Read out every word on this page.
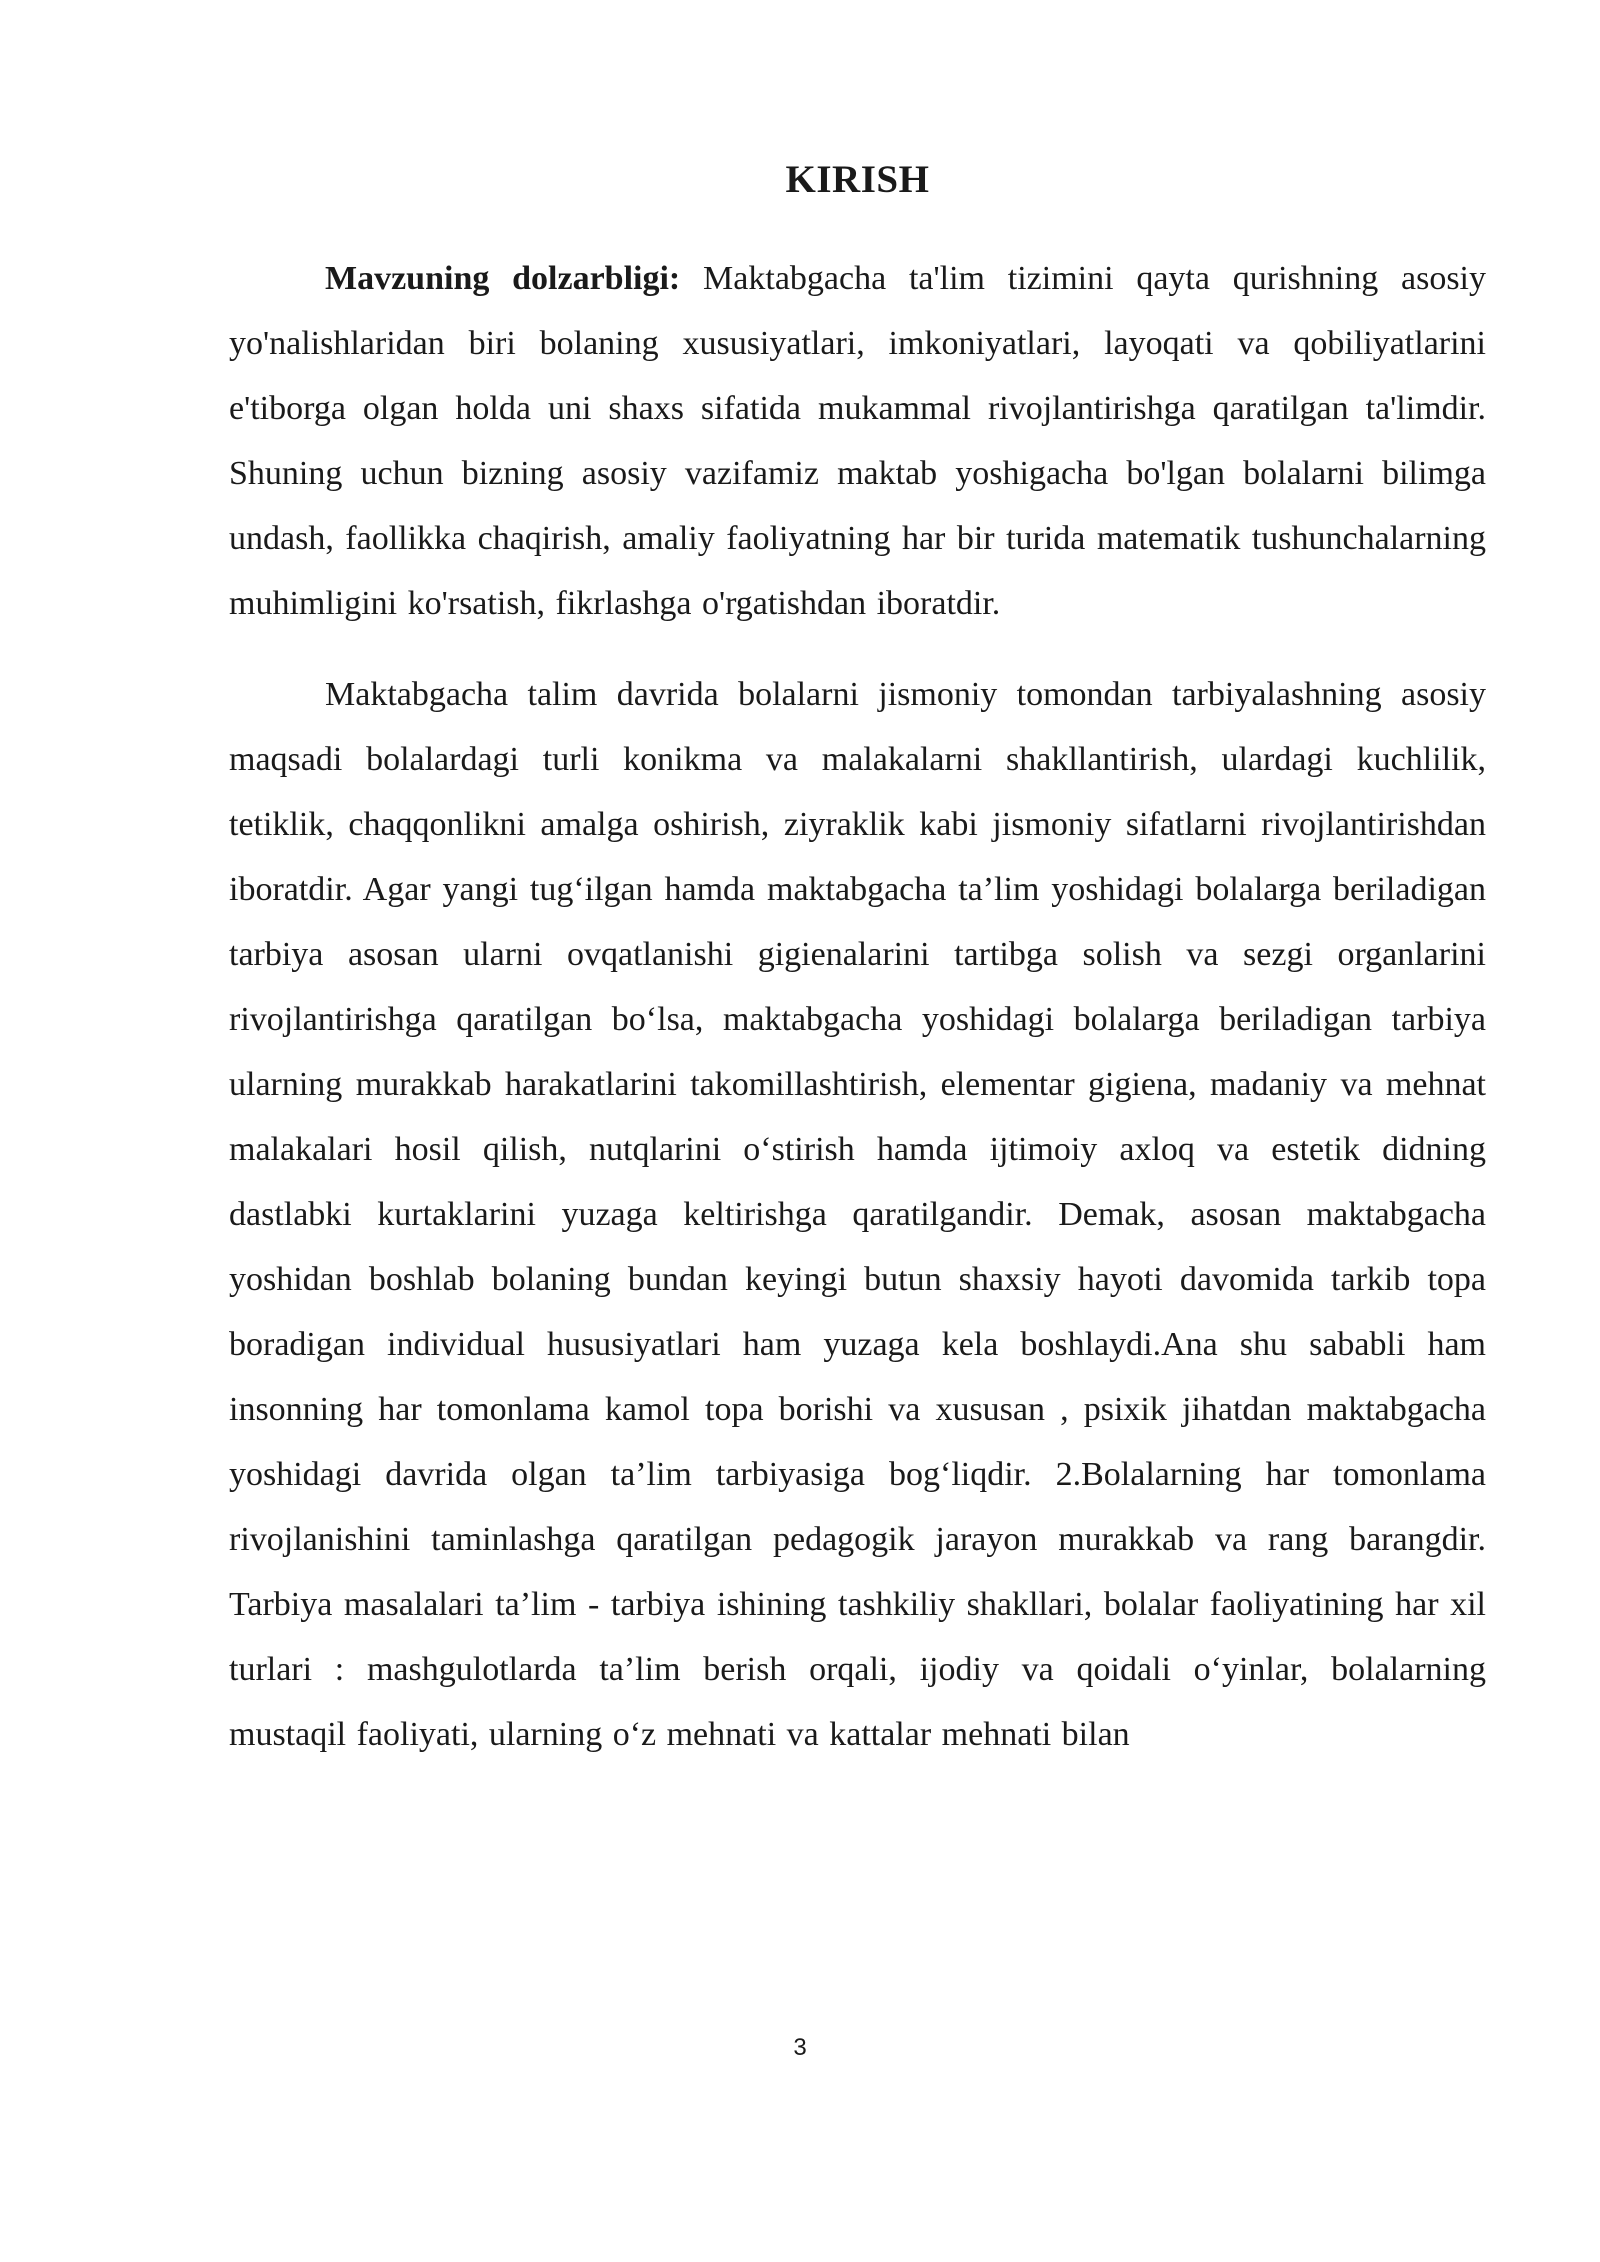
KIRISH

Mavzuning dolzarbligi: Maktabgacha ta'lim tizimini qayta qurishning asosiy yo'nalishlaridan biri bolaning xususiyatlari, imkoniyatlari, layoqati va qobiliyatlarini e'tiborga olgan holda uni shaxs sifatida mukammal rivojlantirishga qaratilgan ta'limdir. Shuning uchun bizning asosiy vazifamiz maktab yoshigacha bo'lgan bolalarni bilimga undash, faollikka chaqirish, amaliy faoliyatning har bir turida matematik tushunchalarning muhimligini ko'rsatish, fikrlashga o'rgatishdan iboratdir.

Maktabgacha talim davrida bolalarni jismoniy tomondan tarbiyalashning asosiy maqsadi bolalardagi turli konikma va malakalarni shakllantirish, ulardagi kuchlilik, tetiklik, chaqqonlikni amalga oshirish, ziyraklik kabi jismoniy sifatlarni rivojlantirishdan iboratdir. Agar yangi tug‘ilgan hamda maktabgacha ta’lim yoshidagi bolalarga beriladigan tarbiya asosan ularni ovqatlanishi gigienalarini tartibga solish va sezgi organlarini rivojlantirishga qaratilgan bo‘lsa, maktabgacha yoshidagi bolalarga beriladigan tarbiya ularning murakkab harakatlarini takomillashtirish, elementar gigiena, madaniy va mehnat malakalari hosil qilish, nutqlarini o‘stirish hamda ijtimoiy axloq va estetik didning dastlabki kurtaklarini yuzaga keltirishga qaratilgandir. Demak, asosan maktabgacha yoshidan boshlab bolaning bundan keyingi butun shaxsiy hayoti davomida tarkib topa boradigan individual hususiyatlari ham yuzaga kela boshlaydi.Ana shu sababli ham insonning har tomonlama kamol topa borishi va xususan , psixik jihatdan maktabgacha yoshidagi davrida olgan ta’lim tarbiyasiga bog‘liqdir. 2.Bolalarning har tomonlama rivojlanishini taminlashga qaratilgan pedagogik jarayon murakkab va rang barangdir. Tarbiya masalalari ta’lim - tarbiya ishining tashkiliy shakllari, bolalar faoliyatining har xil turlari : mashgulotlarda ta’lim berish orqali, ijodiy va qoidali o‘yinlar, bolalarning mustaqil faoliyati, ularning o‘z mehnati va kattalar mehnati bilan

3
